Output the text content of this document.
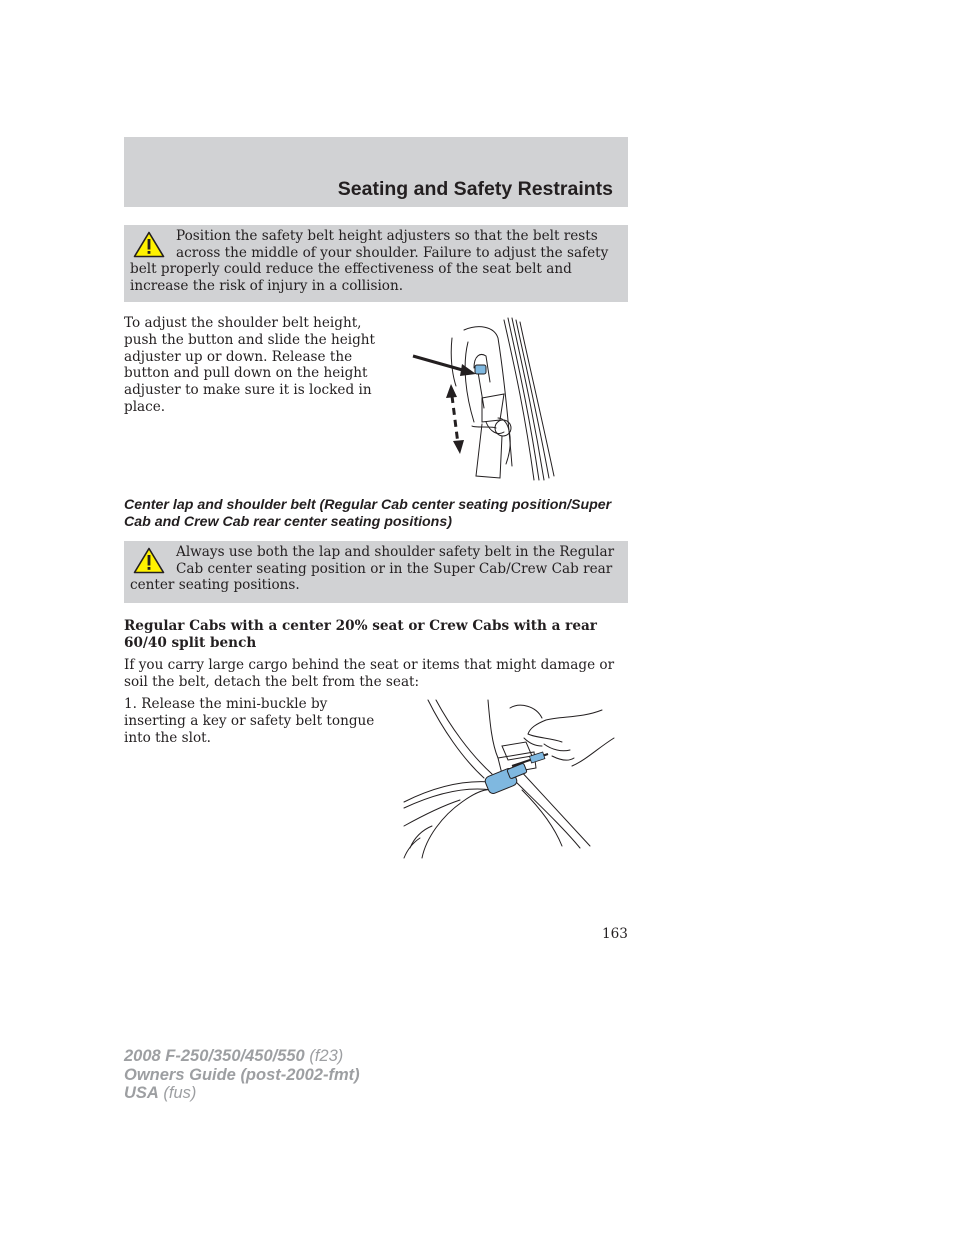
Seating and Safety Restraints
Position the safety belt height adjusters so that the belt rests across the middle of your shoulder. Failure to adjust the safety belt properly could reduce the effectiveness of the seat belt and increase the risk of injury in a collision.
To adjust the shoulder belt height, push the button and slide the height adjuster up or down. Release the button and pull down on the height adjuster to make sure it is locked in place.
Center lap and shoulder belt (Regular Cab center seating position/Super Cab and Crew Cab rear center seating positions)
Always use both the lap and shoulder safety belt in the Regular Cab center seating position or in the Super Cab/Crew Cab rear center seating positions.
Regular Cabs with a center 20% seat or Crew Cabs with a rear 60/40 split bench
If you carry large cargo behind the seat or items that might damage or soil the belt, detach the belt from the seat:
1. Release the mini-buckle by inserting a key or safety belt tongue into the slot.
163
2008 F-250/350/450/550 (f23)
Owners Guide (post-2002-fmt)
USA (fus)
